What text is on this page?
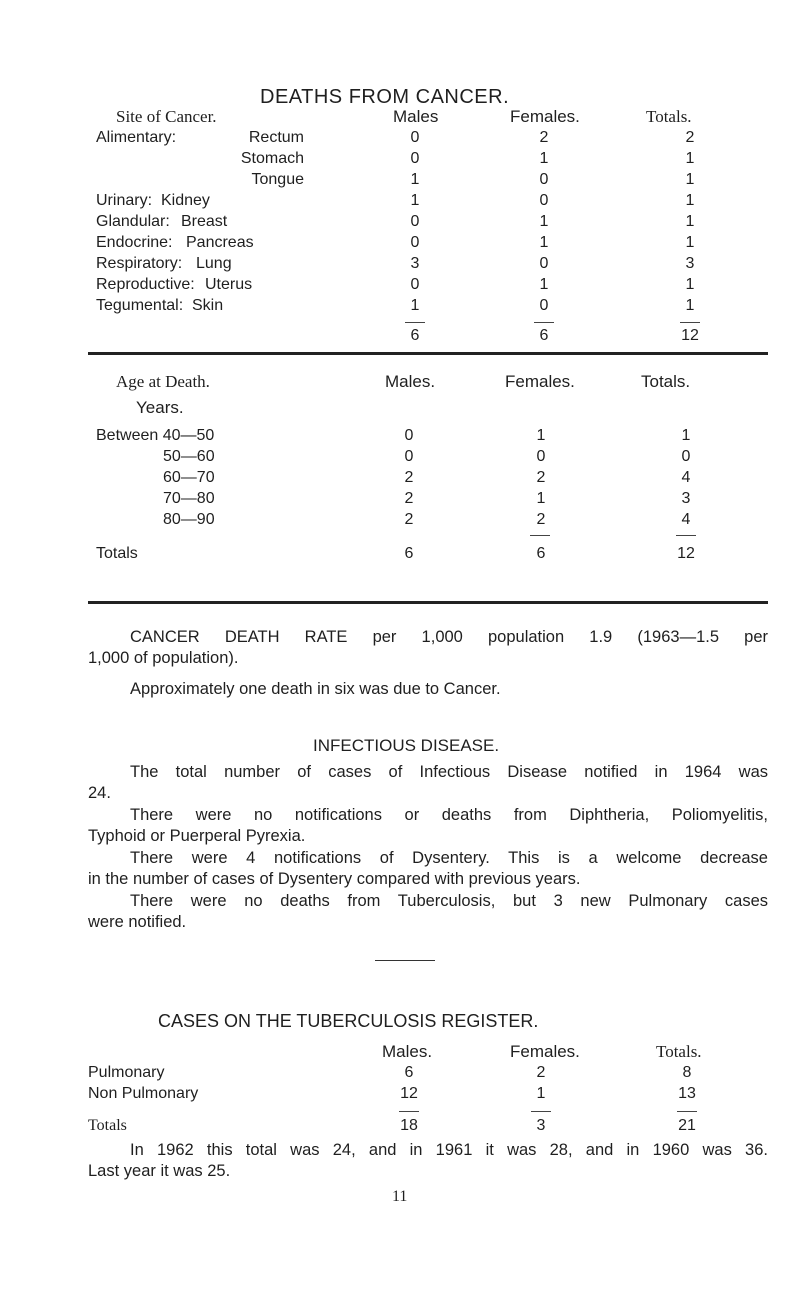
DEATHS FROM CANCER.
Site of Cancer.	Males	Females.	Totals.
Alimentary:	Rectum	0	2	2
Stomach	0	1	1
Tongue	1	0	1
Urinary: Kidney	1	0	1
Glandular: Breast	0	1	1
Endocrine: Pancreas	0	1	1
Respiratory: Lung	3	0	3
Reproductive: Uterus	0	1	1
Tegumental: Skin	1	0	1
6	6	12
Age at Death.	Males.	Females.	Totals.
Years.
Between 40—50	0	1	1
50—60	0	0	0
60—70	2	2	4
70—80	2	1	3
80—90	2	2	4
Totals	6	6	12
CANCER DEATH RATE per 1,000 population 1.9 (1963—1.5 per
1,000 of population).
Approximately one death in six was due to Cancer.
INFECTIOUS DISEASE.
The total number of cases of Infectious Disease notified in 1964 was
24.
There were no notifications or deaths from Diphtheria, Poliomyelitis,
Typhoid or Puerperal Pyrexia.
There were 4 notifications of Dysentery. This is a welcome decrease
in the number of cases of Dysentery compared with previous years.
There were no deaths from Tuberculosis, but 3 new Pulmonary cases
were notified.
CASES ON THE TUBERCULOSIS REGISTER.
Males.	Females.	Totals.
Pulmonary	6	2	8
Non Pulmonary	12	1	13
Totals	18	3	21
In 1962 this total was 24, and in 1961 it was 28, and in 1960 was 36.
Last year it was 25.
11
